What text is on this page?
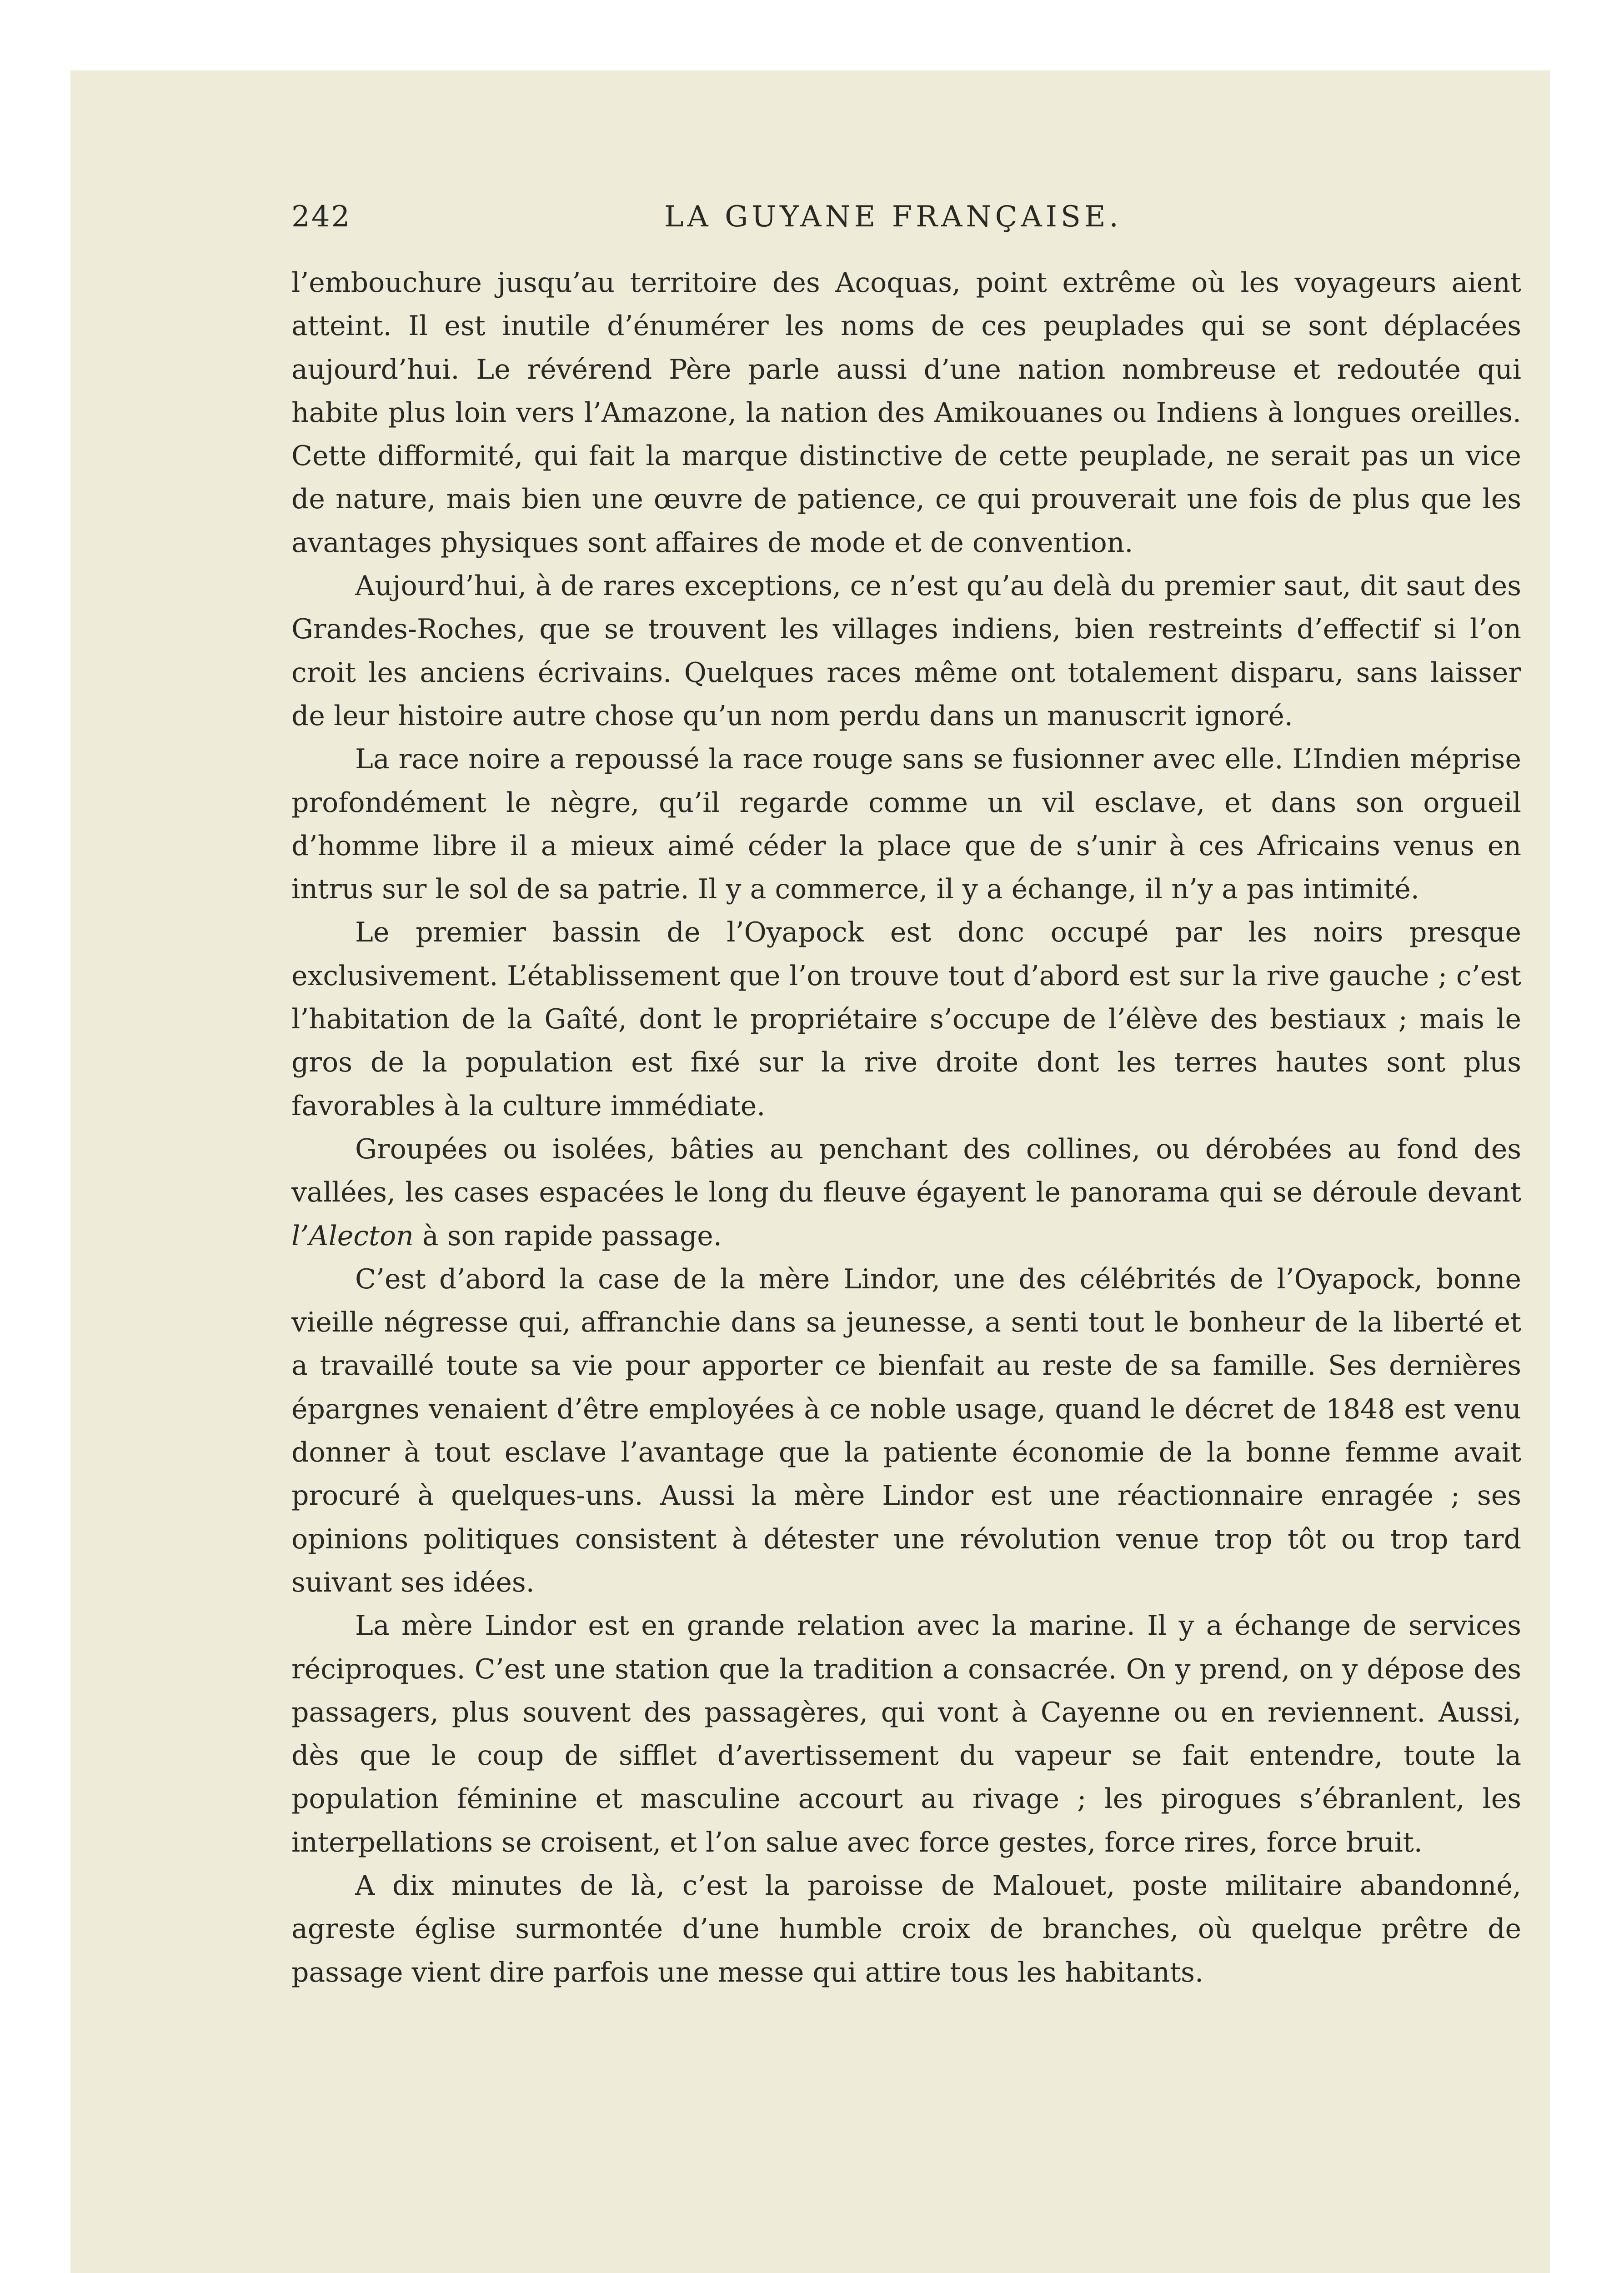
242	LA GUYANE FRANÇAISE.

l’embouchure jusqu’au territoire des Acoquas, point extrême où les voyageurs aient atteint. Il est inutile d’énumérer les noms de ces peuplades qui se sont déplacées aujourd’hui. Le révérend Père parle aussi d’une nation nombreuse et redoutée qui habite plus loin vers l’Amazone, la nation des Amikouanes ou Indiens à longues oreilles. Cette difformité, qui fait la marque distinctive de cette peuplade, ne serait pas un vice de nature, mais bien une œuvre de patience, ce qui prouverait une fois de plus que les avantages physiques sont affaires de mode et de convention.

Aujourd’hui, à de rares exceptions, ce n’est qu’au delà du premier saut, dit saut des Grandes-Roches, que se trouvent les villages indiens, bien restreints d’effectif si l’on croit les anciens écrivains. Quelques races même ont totalement disparu, sans laisser de leur histoire autre chose qu’un nom perdu dans un manuscrit ignoré.

La race noire a repoussé la race rouge sans se fusionner avec elle. L’Indien méprise profondément le nègre, qu’il regarde comme un vil esclave, et dans son orgueil d’homme libre il a mieux aimé céder la place que de s’unir à ces Africains venus en intrus sur le sol de sa patrie. Il y a commerce, il y a échange, il n’y a pas intimité.

Le premier bassin de l’Oyapock est donc occupé par les noirs presque exclusivement. L’établissement que l’on trouve tout d’abord est sur la rive gauche ; c’est l’habitation de la Gaîté, dont le propriétaire s’occupe de l’élève des bestiaux ; mais le gros de la population est fixé sur la rive droite dont les terres hautes sont plus favorables à la culture immédiate.

Groupées ou isolées, bâties au penchant des collines, ou dérobées au fond des vallées, les cases espacées le long du fleuve égayent le panorama qui se déroule devant l’Alecton à son rapide passage.

C’est d’abord la case de la mère Lindor, une des célébrités de l’Oyapock, bonne vieille négresse qui, affranchie dans sa jeunesse, a senti tout le bonheur de la liberté et a travaillé toute sa vie pour apporter ce bienfait au reste de sa famille. Ses dernières épargnes venaient d’être employées à ce noble usage, quand le décret de 1848 est venu donner à tout esclave l’avantage que la patiente économie de la bonne femme avait procuré à quelques-uns. Aussi la mère Lindor est une réactionnaire enragée ; ses opinions politiques consistent à détester une révolution venue trop tôt ou trop tard suivant ses idées.

La mère Lindor est en grande relation avec la marine. Il y a échange de services réciproques. C’est une station que la tradition a consacrée. On y prend, on y dépose des passagers, plus souvent des passagères, qui vont à Cayenne ou en reviennent. Aussi, dès que le coup de sifflet d’avertissement du vapeur se fait entendre, toute la population féminine et masculine accourt au rivage ; les pirogues s’ébranlent, les interpellations se croisent, et l’on salue avec force gestes, force rires, force bruit.

A dix minutes de là, c’est la paroisse de Malouet, poste militaire abandonné, agreste église surmontée d’une humble croix de branches, où quelque prêtre de passage vient dire parfois une messe qui attire tous les habitants.
